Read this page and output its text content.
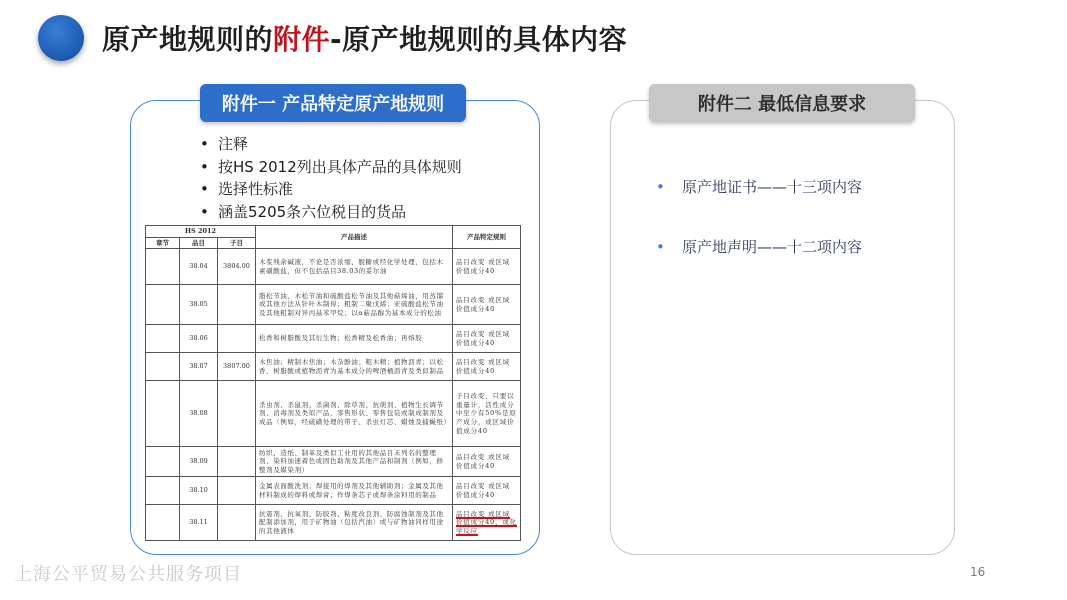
原产地规则的附件-原产地规则的具体内容
附件一 产品特定原产地规则
• 注释
• 按HS 2012列出具体产品的具体规则
• 选择性标准
• 涵盖5205条六位税目的货品
HS 2012			产品描述	产品特定规则
章节	品目	子目		
	38.04	3804.00	木浆残余碱液，不论是否浓缩、脱糖或经化学处理，包括木素磺酸盐，但不包括品目38.03的妥尔油	品目改变 或区域价值成分40
	38.05		脂松节油、木松节油和硫酸盐松节油及其他萜烯油，用蒸馏或其他方法从针叶木制得；粗制二聚戊烯；亚硫酸盐松节油及其他粗制对异丙基苯甲烷；以α萜品醇为基本成分的松油	品目改变 或区域价值成分40
	38.06		松香和树脂酸及其衍生物；松香精及松香油；再熔胶	品目改变 或区域价值成分40
	38.07	3807.00	木焦油；精制木焦油；木杂酚油；粗木精；植物沥青；以松香、树脂酸或植物沥青为基本成分的啤酒桶沥青及类似制品	品目改变 或区域价值成分40
	38.08		杀虫剂、杀鼠剂、杀菌剂、除草剂、抗萌剂、植物生长调节剂、消毒剂及类似产品，零售形状、零售包装或制成制剂及成品（例如，经硫磺处理的带子、杀虫灯芯、蜡烛及捕蝇纸）	子目改变，只要以重量计，活性成分中至少有50%是原产成分，或区域价值成分40
	38.09		纺织、造纸、制革及类似工业用的其他品目未列名的整理剂、染料加速着色或固色助剂及其他产品和制剂（例如，修整剂及媒染剂）	品目改变 或区域价值成分40
	38.10		金属表面酸洗剂；焊接用的焊剂及其他辅助剂；金属及其他材料制成的焊料或焊膏；作焊条芯子或焊条涂料用的制品	品目改变 或区域价值成分40
	38.11		抗震剂、抗氧剂、防胶剂、粘度改良剂、防腐蚀制剂及其他配制添加剂，用于矿物油（包括汽油）或与矿物油同样用途的其他液体	品目改变 或区域价值成分40，或化学反应
附件二 最低信息要求
• 原产地证书——十三项内容
• 原产地声明——十二项内容
上海公平贸易公共服务项目	16
